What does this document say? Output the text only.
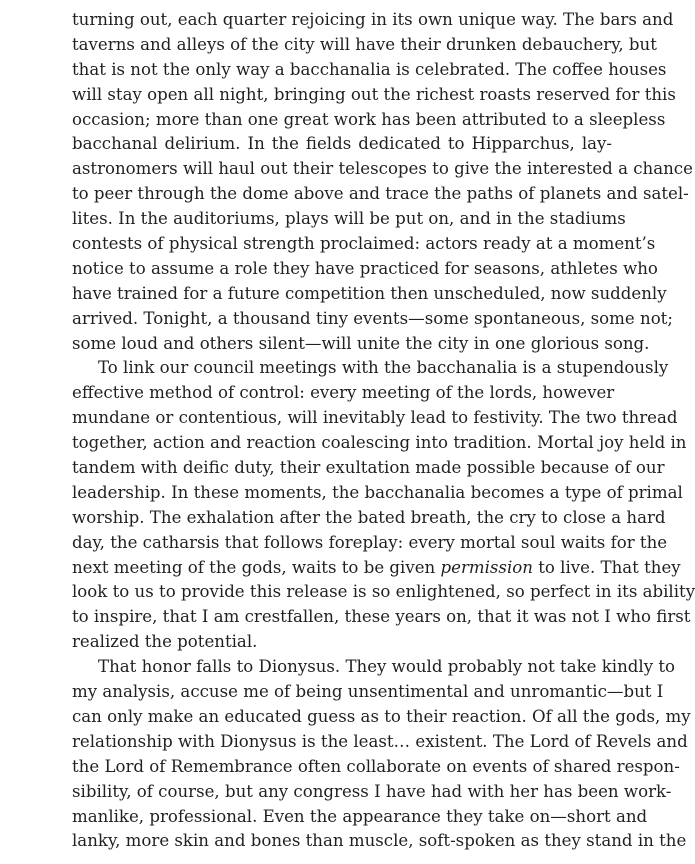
turning out, each quarter rejoicing in its own unique way. The bars and
taverns and alleys of the city will have their drunken debauchery, but
that is not the only way a bacchanalia is celebrated. The coffee houses
will stay open all night, bringing out the richest roasts reserved for this
occasion; more than one great work has been attributed to a sleepless
bacchanal delirium. In the fields dedicated to Hipparchus, lay-
astronomers will haul out their telescopes to give the interested a chance
to peer through the dome above and trace the paths of planets and satel-
lites. In the auditoriums, plays will be put on, and in the stadiums
contests of physical strength proclaimed: actors ready at a moment’s
notice to assume a role they have practiced for seasons, athletes who
have trained for a future competition then unscheduled, now suddenly
arrived. Tonight, a thousand tiny events—some spontaneous, some not;
some loud and others silent—will unite the city in one glorious song.
To link our council meetings with the bacchanalia is a stupendously
effective method of control: every meeting of the lords, however
mundane or contentious, will inevitably lead to festivity. The two thread
together, action and reaction coalescing into tradition. Mortal joy held in
tandem with deific duty, their exultation made possible because of our
leadership. In these moments, the bacchanalia becomes a type of primal
worship. The exhalation after the bated breath, the cry to close a hard
day, the catharsis that follows foreplay: every mortal soul waits for the
next meeting of the gods, waits to be given permission to live. That they
look to us to provide this release is so enlightened, so perfect in its ability
to inspire, that I am crestfallen, these years on, that it was not I who first
realized the potential.
That honor falls to Dionysus. They would probably not take kindly to
my analysis, accuse me of being unsentimental and unromantic—but I
can only make an educated guess as to their reaction. Of all the gods, my
relationship with Dionysus is the least… existent. The Lord of Revels and
the Lord of Remembrance often collaborate on events of shared respon-
sibility, of course, but any congress I have had with her has been work-
manlike, professional. Even the appearance they take on—short and
lanky, more skin and bones than muscle, soft-spoken as they stand in the
